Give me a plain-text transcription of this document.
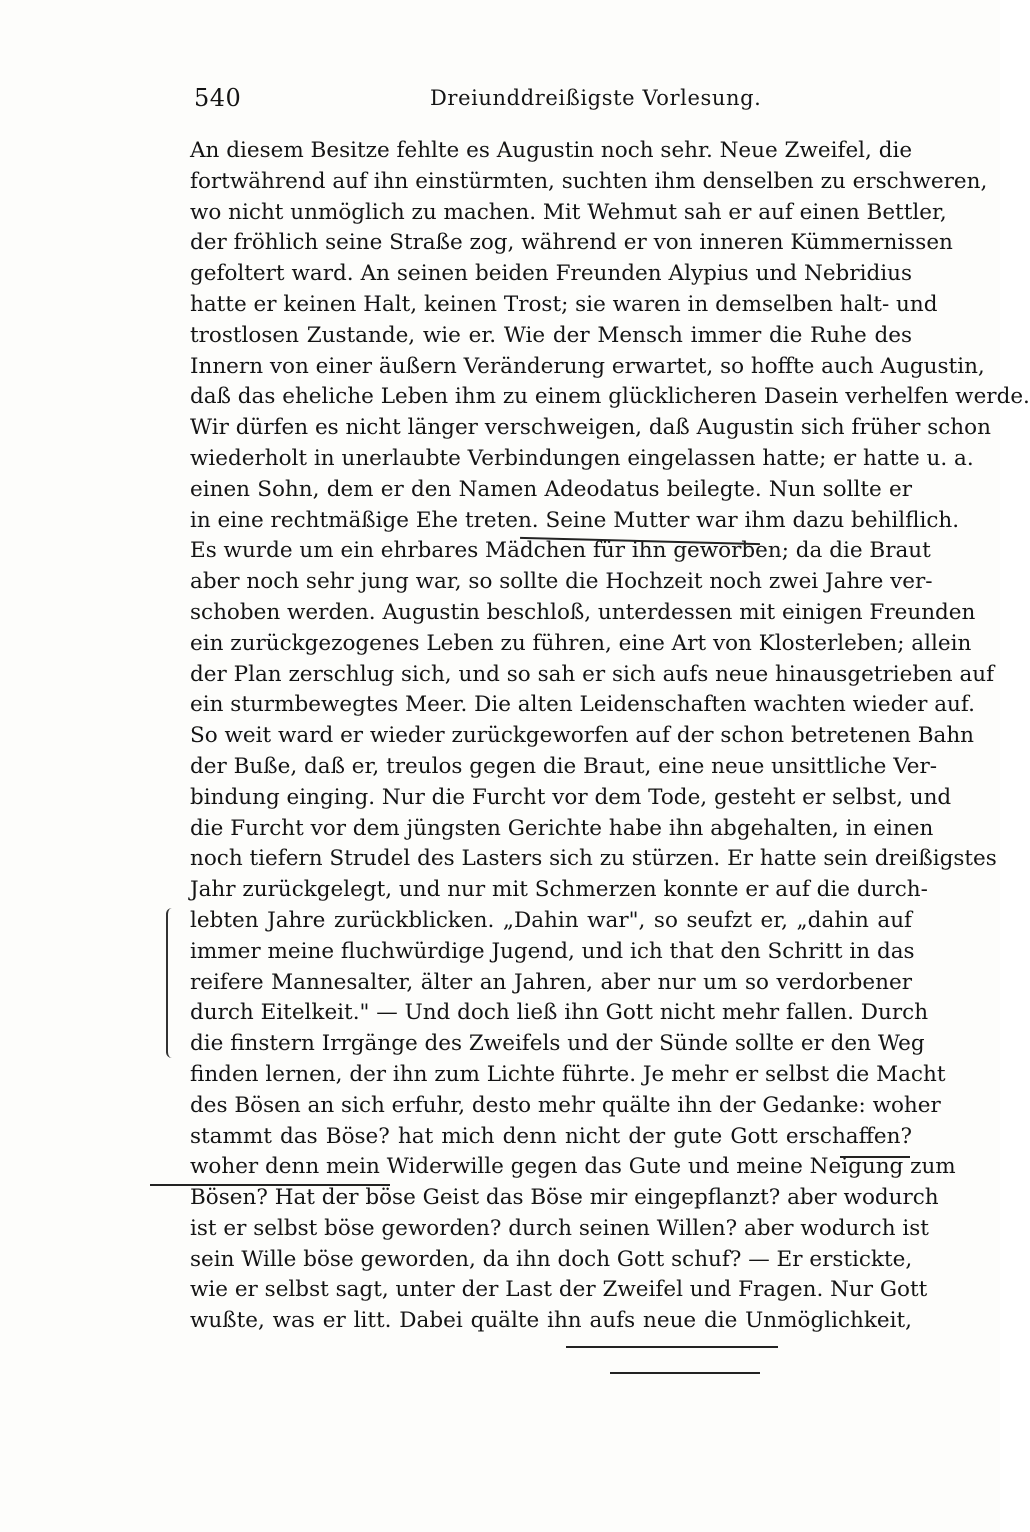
540	Dreiunddreißigste Vorlesung.
An diesem Besitze fehlte es Augustin noch sehr. Neue Zweifel, die
fortwährend auf ihn einstürmten, suchten ihm denselben zu erschweren,
wo nicht unmöglich zu machen. Mit Wehmut sah er auf einen Bettler,
der fröhlich seine Straße zog, während er von inneren Kümmernissen
gefoltert ward. An seinen beiden Freunden Alypius und Nebridius
hatte er keinen Halt, keinen Trost; sie waren in demselben halt- und
trostlosen Zustande, wie er. Wie der Mensch immer die Ruhe des
Innern von einer äußern Veränderung erwartet, so hoffte auch Augustin,
daß das eheliche Leben ihm zu einem glücklicheren Dasein verhelfen werde.
Wir dürfen es nicht länger verschweigen, daß Augustin sich früher schon
wiederholt in unerlaubte Verbindungen eingelassen hatte; er hatte u. a.
einen Sohn, dem er den Namen Adeodatus beilegte. Nun sollte er
in eine rechtmäßige Ehe treten. Seine Mutter war ihm dazu behilflich.
Es wurde um ein ehrbares Mädchen für ihn geworben; da die Braut
aber noch sehr jung war, so sollte die Hochzeit noch zwei Jahre ver-
schoben werden. Augustin beschloß, unterdessen mit einigen Freunden
ein zurückgezogenes Leben zu führen, eine Art von Klosterleben; allein
der Plan zerschlug sich, und so sah er sich aufs neue hinausgetrieben auf
ein sturmbewegtes Meer. Die alten Leidenschaften wachten wieder auf.
So weit ward er wieder zurückgeworfen auf der schon betretenen Bahn
der Buße, daß er, treulos gegen die Braut, eine neue unsittliche Ver-
bindung einging. Nur die Furcht vor dem Tode, gesteht er selbst, und
die Furcht vor dem jüngsten Gerichte habe ihn abgehalten, in einen
noch tiefern Strudel des Lasters sich zu stürzen. Er hatte sein dreißigstes
Jahr zurückgelegt, und nur mit Schmerzen konnte er auf die durch-
lebten Jahre zurückblicken. „Dahin war", so seufzt er, „dahin auf
immer meine fluchwürdige Jugend, und ich that den Schritt in das
reifere Mannesalter, älter an Jahren, aber nur um so verdorbener
durch Eitelkeit." — Und doch ließ ihn Gott nicht mehr fallen. Durch
die finstern Irrgänge des Zweifels und der Sünde sollte er den Weg
finden lernen, der ihn zum Lichte führte. Je mehr er selbst die Macht
des Bösen an sich erfuhr, desto mehr quälte ihn der Gedanke: woher
stammt das Böse? hat mich denn nicht der gute Gott erschaffen?
woher denn mein Widerwille gegen das Gute und meine Neigung zum
Bösen? Hat der böse Geist das Böse mir eingepflanzt? aber wodurch
ist er selbst böse geworden? durch seinen Willen? aber wodurch ist
sein Wille böse geworden, da ihn doch Gott schuf? — Er erstickte,
wie er selbst sagt, unter der Last der Zweifel und Fragen. Nur Gott
wußte, was er litt. Dabei quälte ihn aufs neue die Unmöglichkeit,
